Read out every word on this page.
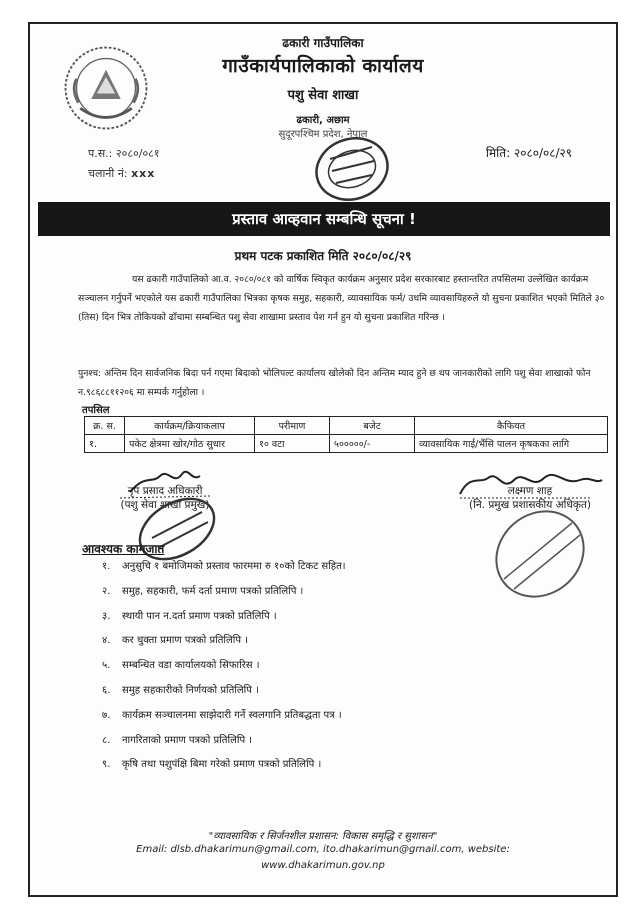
ढकारी गाउँपालिका
गाउँकार्यपालिकाको कार्यालय
पशु सेवा शाखा
ढकारी, अछाम
सुदूरपश्चिम प्रदेश, नेपाल
प.स.: २०८०/०८१
चलानी नं: xxx
मिति: २०८०/०८/२९
प्रस्ताव आव्हवान सम्बन्धि सूचना !
प्रथम पटक प्रकाशित मिति २०८०/०८/२९
यस ढकारी गाउँपालिको आ.व. २०८०/०८१ को वार्षिक स्विकृत कार्यक्रम अनुसार प्रदेश सरकारबाट हस्तान्तरित तपसिलमा उल्लेखित कार्यक्रम सञ्चालन गर्नुपर्ने भएकोले यस ढकारी गाउँपालिका भित्रका कृषक समुह, सहकारी, व्यावसायिक फर्म/ उधमि व्यावसायिहरुले यो सुचना प्रकाशित भएको मितिले ३० (तिस) दिन भित्र तोकियको ढाँचामा सम्बन्धित पशु सेवा शाखामा प्रस्ताव पेश गर्न हुन यो सुचना प्रकाशित गरिन्छ ।
पुनश्च: अन्तिम दिन सार्वजनिक बिदा पर्न गएमा बिदाको भोलिपल्ट कार्यालय खोलेको दिन अन्तिम म्याद हुने छ थप जानकारीको लागि पशु सेवा शाखाको फोन न.९८६८८११२०६ मा सम्पर्क गर्नुहोला ।
तपसिल
क्र. स.	कार्यक्रम/क्रियाकलाप	परीमाण	बजेट	कैफियत
१.	पकेट क्षेत्रमा खोर/गोठ सुधार	१० वटा	५०००००/-	व्यावसायिक गाई/भैंसि पालन कृषकका लागि
नृप प्रसाद अधिकारी
(पशु सेवा शाखा प्रमुख)
लक्ष्मण शाह
(नि. प्रमुख प्रशासकीय अधिकृत)
आवश्यक कागजात
१. अनुसुचि १ बमोजिमको प्रस्ताव फारममा रु १०को टिकट सहित।
२. समुह, सहकारी, फर्म दर्ता प्रमाण पत्रको प्रतिलिपि ।
३. स्थायी पान न.दर्ता प्रमाण पत्रको प्रतिलिपि ।
४. कर चुक्ता प्रमाण पत्रको प्रतिलिपि ।
५. सम्बन्धित वडा कार्यालयको सिफारिस ।
६. समुह सहकारीको निर्णयको प्रतिलिपि ।
७. कार्यक्रम सञ्चालनमा साझेदारी गर्ने स्वलगानि प्रतिबद्धता पत्र ।
८. नागरिताको प्रमाण पत्रको प्रतिलिपि ।
९. कृषि तथा पशुपंक्षि बिमा गरेको प्रमाण पत्रको प्रतिलिपि ।
"व्यावसायिक र सिर्जनशील प्रशासन: विकास समृद्धि र सुशासन"
Email: dlsb.dhakarimun@gmail.com, ito.dhakarimun@gmail.com, website:
www.dhakarimun.gov.np
